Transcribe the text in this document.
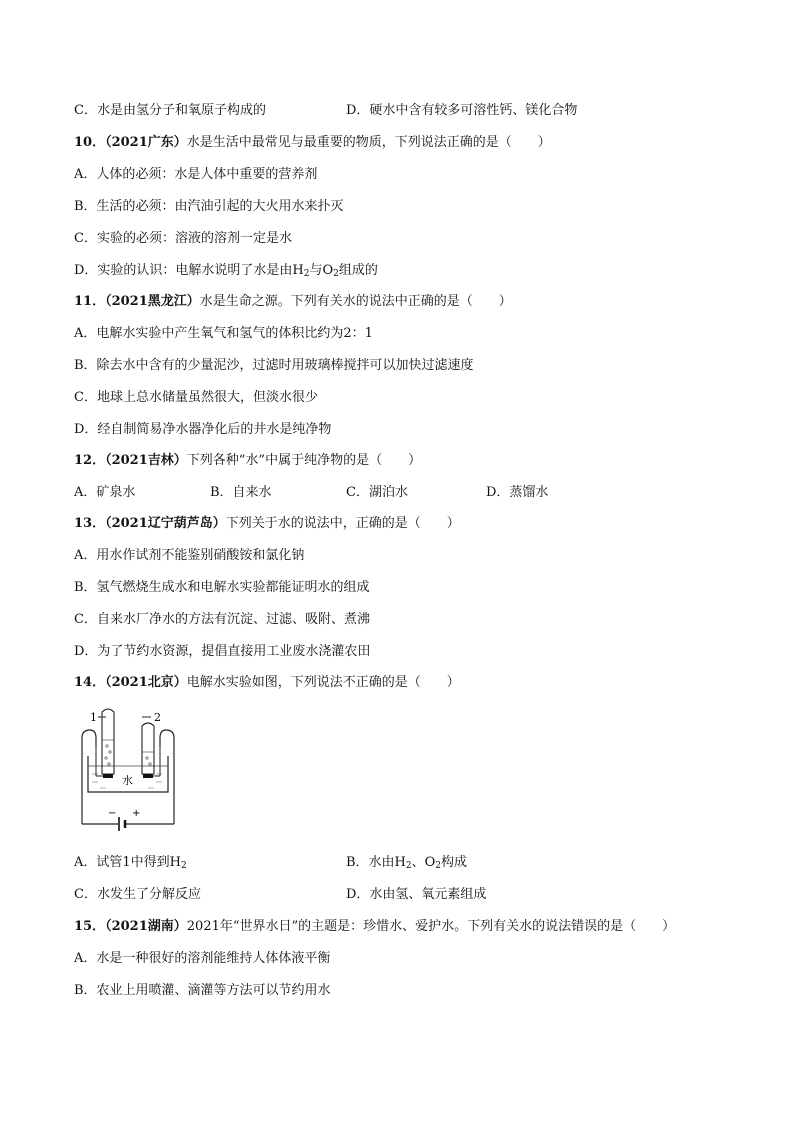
C．水是由氢分子和氧原子构成的	D．硬水中含有较多可溶性钙、镁化合物
10．（2021广东）水是生活中最常见与最重要的物质，下列说法正确的是（　　）
A．人体的必须：水是人体中重要的营养剂
B．生活的必须：由汽油引起的大火用水来扑灭
C．实验的必须：溶液的溶剂一定是水
D．实验的认识：电解水说明了水是由$H_2$与$O_2$组成的
11．（2021黑龙江）水是生命之源。下列有关水的说法中正确的是（　　）
A．电解水实验中产生氧气和氢气的体积比约为2：1
B．除去水中含有的少量泥沙，过滤时用玻璃棒搅拌可以加快过滤速度
C．地球上总水储量虽然很大，但淡水很少
D．经自制简易净水器净化后的井水是纯净物
12．（2021吉林）下列各种“水”中属于纯净物的是（　　）
A．矿泉水	B．自来水	C．湖泊水	D．蒸馏水
13．（2021辽宁葫芦岛）下列关于水的说法中，正确的是（　　）
A．用水作试剂不能鉴别硝酸铵和氯化钠
B．氢气燃烧生成水和电解水实验都能证明水的组成
C．自来水厂净水的方法有沉淀、过滤、吸附、煮沸
D．为了节约水资源，提倡直接用工业废水浇灌农田
14．（2021北京）电解水实验如图，下列说法不正确的是（　　）
1	2
水
− +
A．试管1中得到$H_2$	B．水由$H_2$、$O_2$构成
C．水发生了分解反应	D．水由氢、氧元素组成
15．（2021湖南）2021年“世界水日”的主题是：珍惜水、爱护水。下列有关水的说法错误的是（　　）
A．水是一种很好的溶剂能维持人体体液平衡
B．农业上用喷灌、滴灌等方法可以节约用水
